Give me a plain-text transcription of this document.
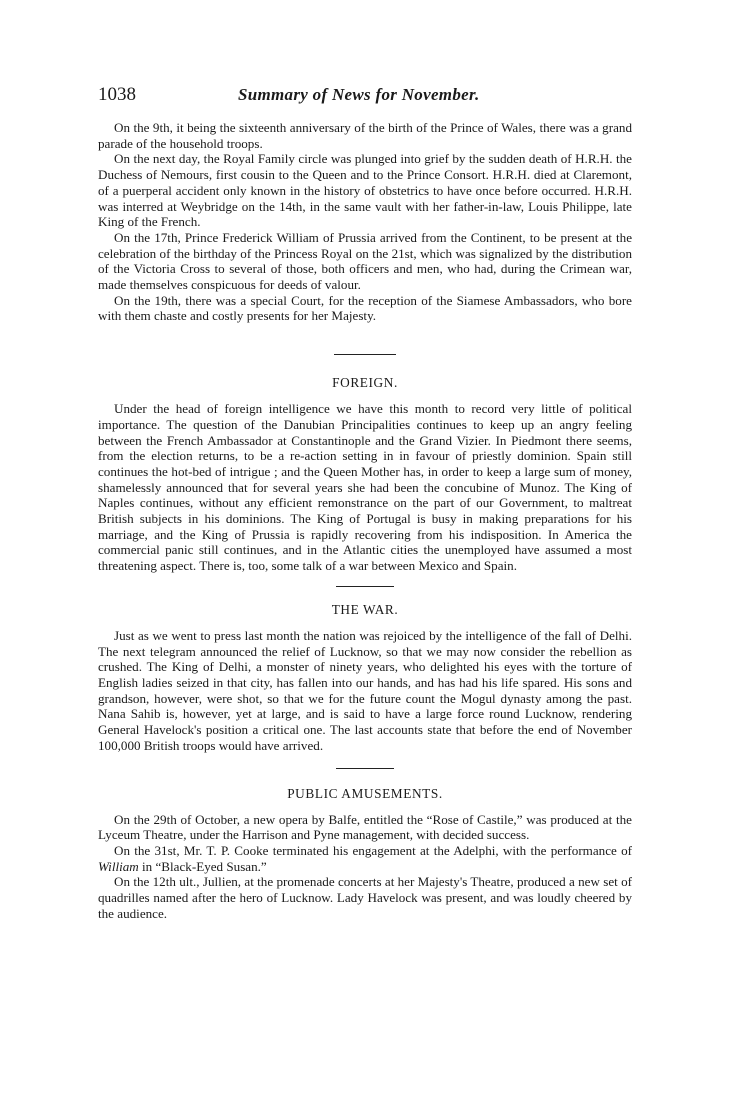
1038	Summary of News for November.

On the 9th, it being the sixteenth anniversary of the birth of the Prince of Wales, there was a grand parade of the household troops.

On the next day, the Royal Family circle was plunged into grief by the sudden death of H.R.H. the Duchess of Nemours, first cousin to the Queen and to the Prince Consort. H.R.H. died at Claremont, of a puerperal accident only known in the history of obstetrics to have once before occurred. H.R.H. was interred at Weybridge on the 14th, in the same vault with her father-in-law, Louis Philippe, late King of the French.

On the 17th, Prince Frederick William of Prussia arrived from the Continent, to be present at the celebration of the birthday of the Princess Royal on the 21st, which was signalized by the distribution of the Victoria Cross to several of those, both officers and men, who had, during the Crimean war, made themselves conspicuous for deeds of valour.

On the 19th, there was a special Court, for the reception of the Siamese Ambassadors, who bore with them chaste and costly presents for her Majesty.

FOREIGN.

Under the head of foreign intelligence we have this month to record very little of political importance. The question of the Danubian Principalities continues to keep up an angry feeling between the French Ambassador at Constantinople and the Grand Vizier. In Piedmont there seems, from the election returns, to be a re-action setting in in favour of priestly dominion. Spain still continues the hot-bed of intrigue ; and the Queen Mother has, in order to keep a large sum of money, shamelessly announced that for several years she had been the concubine of Munoz. The King of Naples continues, without any efficient remonstrance on the part of our Government, to maltreat British subjects in his dominions. The King of Portugal is busy in making preparations for his marriage, and the King of Prussia is rapidly recovering from his indisposition. In America the commercial panic still continues, and in the Atlantic cities the unemployed have assumed a most threatening aspect. There is, too, some talk of a war between Mexico and Spain.

THE WAR.

Just as we went to press last month the nation was rejoiced by the intelligence of the fall of Delhi. The next telegram announced the relief of Lucknow, so that we may now consider the rebellion as crushed. The King of Delhi, a monster of ninety years, who delighted his eyes with the torture of English ladies seized in that city, has fallen into our hands, and has had his life spared. His sons and grandson, however, were shot, so that we for the future count the Mogul dynasty among the past. Nana Sahib is, however, yet at large, and is said to have a large force round Lucknow, rendering General Havelock's position a critical one. The last accounts state that before the end of November 100,000 British troops would have arrived.

PUBLIC AMUSEMENTS.

On the 29th of October, a new opera by Balfe, entitled the “Rose of Castile,” was produced at the Lyceum Theatre, under the Harrison and Pyne management, with decided success.

On the 31st, Mr. T. P. Cooke terminated his engagement at the Adelphi, with the performance of William in “Black-Eyed Susan.”

On the 12th ult., Jullien, at the promenade concerts at her Majesty's Theatre, produced a new set of quadrilles named after the hero of Lucknow. Lady Havelock was present, and was loudly cheered by the audience.
